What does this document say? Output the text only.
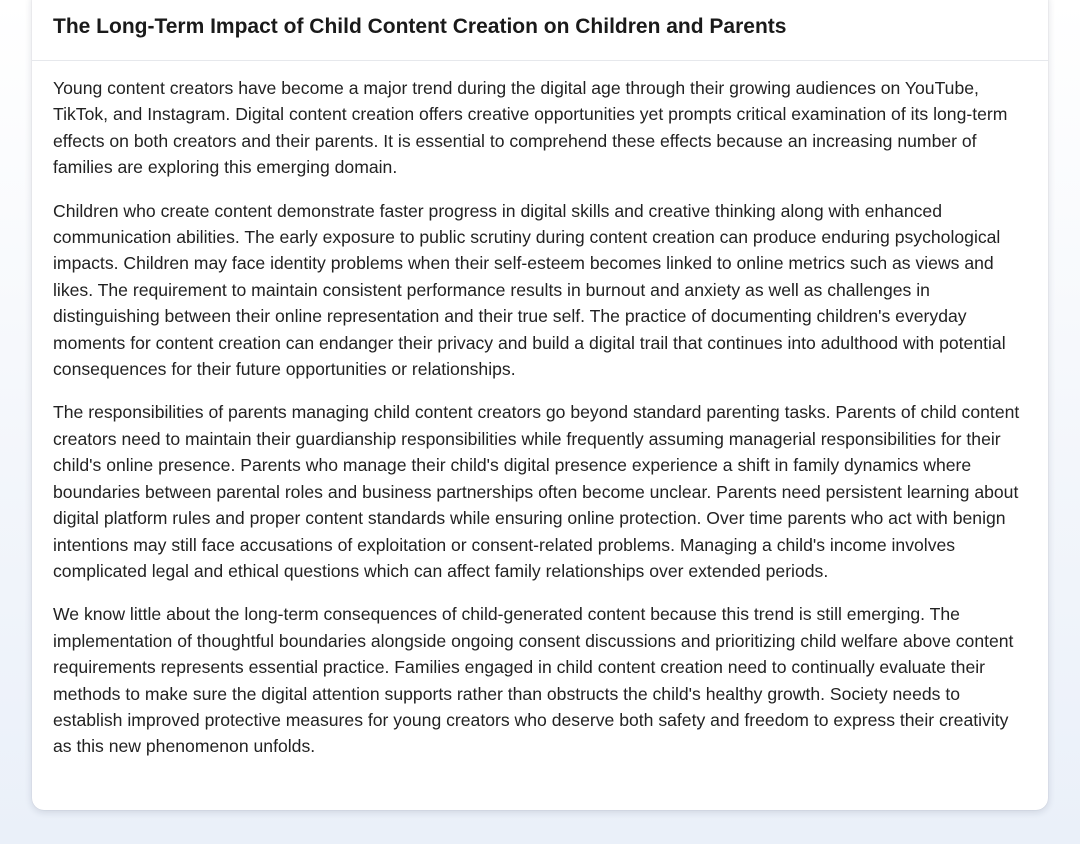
The Long-Term Impact of Child Content Creation on Children and Parents

Young content creators have become a major trend during the digital age through their growing audiences on YouTube, TikTok, and Instagram. Digital content creation offers creative opportunities yet prompts critical examination of its long-term effects on both creators and their parents. It is essential to comprehend these effects because an increasing number of families are exploring this emerging domain.

Children who create content demonstrate faster progress in digital skills and creative thinking along with enhanced communication abilities. The early exposure to public scrutiny during content creation can produce enduring psychological impacts. Children may face identity problems when their self-esteem becomes linked to online metrics such as views and likes. The requirement to maintain consistent performance results in burnout and anxiety as well as challenges in distinguishing between their online representation and their true self. The practice of documenting children's everyday moments for content creation can endanger their privacy and build a digital trail that continues into adulthood with potential consequences for their future opportunities or relationships.

The responsibilities of parents managing child content creators go beyond standard parenting tasks. Parents of child content creators need to maintain their guardianship responsibilities while frequently assuming managerial responsibilities for their child's online presence. Parents who manage their child's digital presence experience a shift in family dynamics where boundaries between parental roles and business partnerships often become unclear. Parents need persistent learning about digital platform rules and proper content standards while ensuring online protection. Over time parents who act with benign intentions may still face accusations of exploitation or consent-related problems. Managing a child's income involves complicated legal and ethical questions which can affect family relationships over extended periods.

We know little about the long-term consequences of child-generated content because this trend is still emerging. The implementation of thoughtful boundaries alongside ongoing consent discussions and prioritizing child welfare above content requirements represents essential practice. Families engaged in child content creation need to continually evaluate their methods to make sure the digital attention supports rather than obstructs the child's healthy growth. Society needs to establish improved protective measures for young creators who deserve both safety and freedom to express their creativity as this new phenomenon unfolds.
